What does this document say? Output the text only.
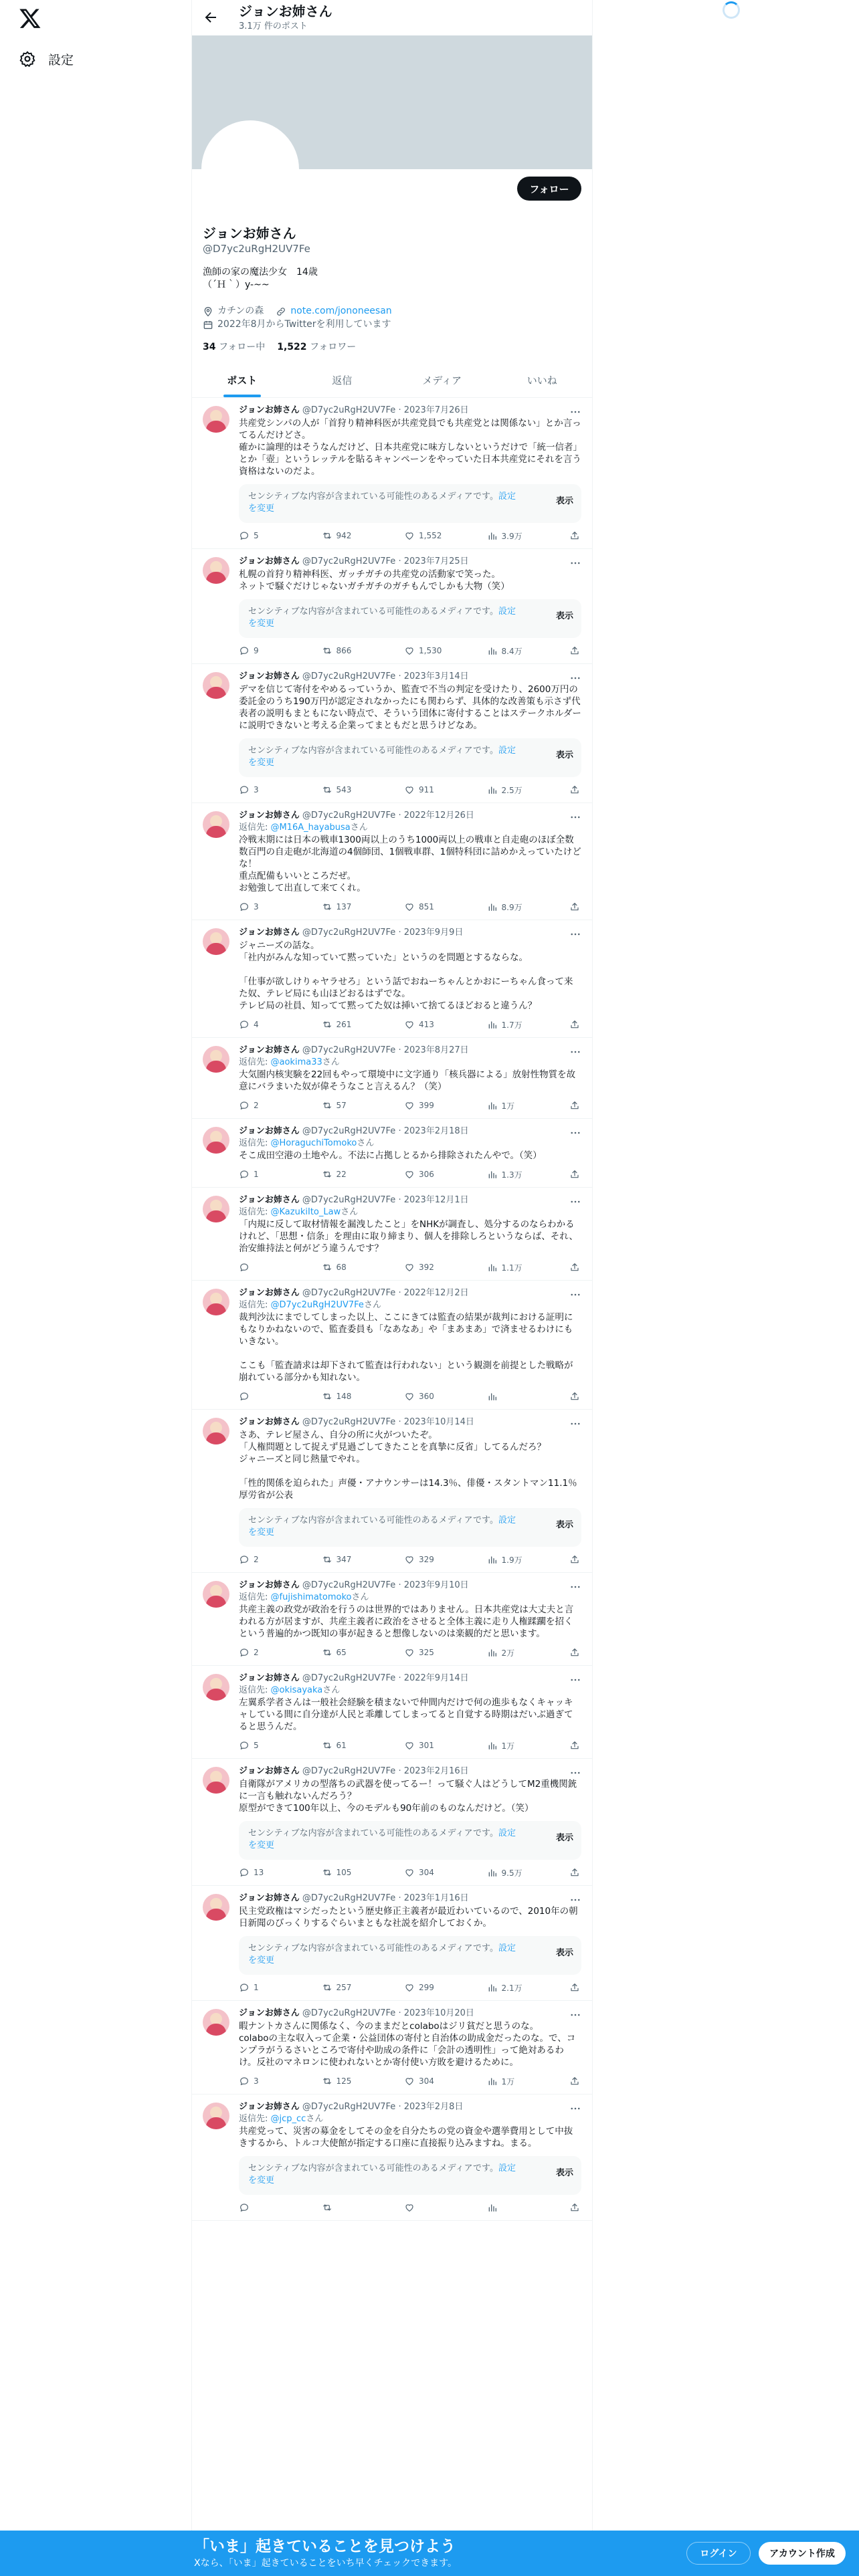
設定
ジョンお姉さん
3.1万 件のポスト
フォロー
ジョンお姉さん
@D7yc2uRgH2UV7Fe
漁師の家の魔法少女　14歳
（´Ｈ｀）y-~~
カチンの森	note.com/jononeesan
2022年8月からTwitterを利用しています
34 フォロー中 1,522 フォロワー
ポスト	返信	メディア	いいね
ジョンお姉さん @D7yc2uRgH2UV7Fe · 2023年7月26日
共産党シンパの人が「首狩り精神科医が共産党員でも共産党とは関係ない」とか言ってるんだけどさ。
確かに論理的はそうなんだけど、日本共産党に味方しないというだけで「統一信者」とか「壺」というレッテルを貼るキャンペーンをやっていた日本共産党にそれを言う資格はないのだよ。
センシティブな内容が含まれている可能性のあるメディアです。設定を変更
表示
5	942	1,552	3.9万
ジョンお姉さん @D7yc2uRgH2UV7Fe · 2023年7月25日
札幌の首狩り精神科医、ガッチガチの共産党の活動家で笑った。
ネットで騒ぐだけじゃないガチガチのガチもんでしかも大物（笑）
センシティブな内容が含まれている可能性のあるメディアです。設定を変更
表示
9	866	1,530	8.4万
ジョンお姉さん @D7yc2uRgH2UV7Fe · 2023年3月14日
デマを信じて寄付をやめるっていうか、監査で不当の判定を受けたり、2600万円の委託金のうち190万円が認定されなかったにも関わらず、具体的な改善策も示さず代表者の説明もまともにない時点で、そういう団体に寄付することはステークホルダーに説明できないと考える企業ってまともだと思うけどなあ。
センシティブな内容が含まれている可能性のあるメディアです。設定を変更
表示
3	543	911	2.5万
ジョンお姉さん @D7yc2uRgH2UV7Fe · 2022年12月26日
返信先: @M16A_hayabusaさん
冷戦末期には日本の戦車1300両以上のうち1000両以上の戦車と自走砲のほぼ全数数百門の自走砲が北海道の4個師団、1個戦車群、1個特科団に詰めかえっていたけどな！
重点配備もいいところだぜ。
お勉強して出直して来てくれ。
3	137	851	8.9万
ジョンお姉さん @D7yc2uRgH2UV7Fe · 2023年9月9日
ジャニーズの話な。
「社内がみんな知っていて黙っていた」というのを問題とするならな。

「仕事が欲しけりゃヤラせろ」という話でおねーちゃんとかおにーちゃん食って来た奴、テレビ局にも山ほどおるはずでな。
テレビ局の社員、知ってて黙ってた奴は挿いて捨てるほどおると違うん？
4	261	413	1.7万
ジョンお姉さん @D7yc2uRgH2UV7Fe · 2023年8月27日
返信先: @aokima33さん
大気圏内核実験を22回もやって環境中に文字通り「核兵器による」放射性物質を故意にバラまいた奴が偉そうなこと言えるん？（笑）
2	57	399	1万
ジョンお姉さん @D7yc2uRgH2UV7Fe · 2023年2月18日
返信先: @HoraguchiTomokoさん
そこ成田空港の土地やん。不法に占拠しとるから排除されたんやで。（笑）
1	22	306	1.3万
ジョンお姉さん @D7yc2uRgH2UV7Fe · 2023年12月1日
返信先: @KazukiIto_Lawさん
「内規に反して取材情報を漏洩したこと」をNHKが調査し、処分するのならわかるけれど、「思想・信条」を理由に取り締まり、個人を排除しろというならば、それ、治安維持法と何がどう違うんです？
68	392	1.1万
ジョンお姉さん @D7yc2uRgH2UV7Fe · 2022年12月2日
返信先: @D7yc2uRgH2UV7Feさん
裁判沙汰にまでしてしまった以上、ここにきては監査の結果が裁判における証明にもなりかねないので、監査委員も「なあなあ」や「まあまあ」で済ませるわけにもいきない。

ここも「監査請求は却下されて監査は行われない」という観測を前提とした戦略が崩れている部分かも知れない。
148	360
ジョンお姉さん @D7yc2uRgH2UV7Fe · 2023年10月14日
さあ、テレビ屋さん、自分の所に火がついたぞ。
「人権問題として捉えず見過ごしてきたことを真摯に反省」してるんだろ？
ジャニーズと同じ熱量でやれ。

「性的関係を迫られた」声優・アナウンサーは14.3％、俳優・スタントマン11.1％ 厚労省が公表
センシティブな内容が含まれている可能性のあるメディアです。設定を変更
表示
2	347	329	1.9万
ジョンお姉さん @D7yc2uRgH2UV7Fe · 2023年9月10日
返信先: @fujishimatomokoさん
共産主義の政党が政治を行うのは世界的ではありません。日本共産党は大丈夫と言われる方が居ますが、共産主義者に政治をさせると全体主義に走り人権蹂躙を招くという普遍的かつ既知の事が起きると想像しないのは楽観的だと思います。
2	65	325	2万
ジョンお姉さん @D7yc2uRgH2UV7Fe · 2022年9月14日
返信先: @okisayakaさん
左翼系学者さんは一般社会経験を積まないで仲間内だけで何の進歩もなくキャッキャしている間に自分達が人民と乖離してしまってると自覚する時期はだいぶ過ぎてると思うんだ。
5	61	301	1万
ジョンお姉さん @D7yc2uRgH2UV7Fe · 2023年2月16日
自衛隊がアメリカの型落ちの武器を使ってるー！って騒ぐ人はどうしてM2重機関銃に一言も触れないんだろう？
原型ができて100年以上、今のモデルも90年前のものなんだけど。（笑）
センシティブな内容が含まれている可能性のあるメディアです。設定を変更
表示
13	105	304	9.5万
ジョンお姉さん @D7yc2uRgH2UV7Fe · 2023年1月16日
民主党政権はマシだったという歴史修正主義者が最近わいているので、2010年の朝日新聞のびっくりするぐらいまともな社説を紹介しておくか。
センシティブな内容が含まれている可能性のあるメディアです。設定を変更
表示
1	257	299	2.1万
ジョンお姉さん @D7yc2uRgH2UV7Fe · 2023年10月20日
暇ナントカさんに関係なく、今のままだとcolaboはジリ貧だと思うのな。
colaboの主な収入って企業・公益団体の寄付と自治体の助成金だったのな。で、コンプラがうるさいところで寄付や助成の条件に「会計の透明性」って絶対あるわけ。反社のマネロンに使われないとか寄付使い方敗を避けるために。
3	125	304	1万
ジョンお姉さん @D7yc2uRgH2UV7Fe · 2023年2月8日
返信先: @jcp_ccさん
共産党って、災害の募金をしてその金を自分たちの党の資金や選挙費用として中抜きするから、トルコ大使館が指定する口座に直接振り込みますね。まる。
センシティブな内容が含まれている可能性のあるメディアです。設定を変更
表示
「いま」起きていることを見つけよう
Xなら、「いま」起きていることをいち早くチェックできます。
ログイン	アカウント作成
